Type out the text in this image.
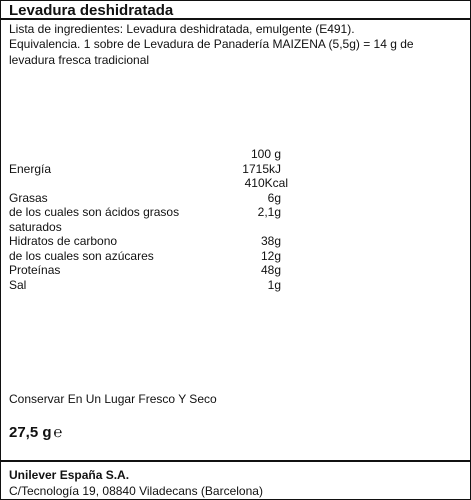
Levadura deshidratada
Lista de ingredientes: Levadura deshidratada, emulgente (E491).
Equivalencia. 1 sobre de Levadura de Panadería MAIZENA (5,5g) = 14 g de levadura fresca tradicional
100 g
Energía	1715kJ
410Kcal
Grasas	6g
de los cuales son ácidos grasos	2,1g
saturados
Hidratos de carbono	38g
de los cuales son azúcares	12g
Proteínas	48g
Sal	1g
Conservar En Un Lugar Fresco Y Seco
27,5 g ℮
Unilever España S.A.
C/Tecnología 19, 08840 Viladecans (Barcelona)
